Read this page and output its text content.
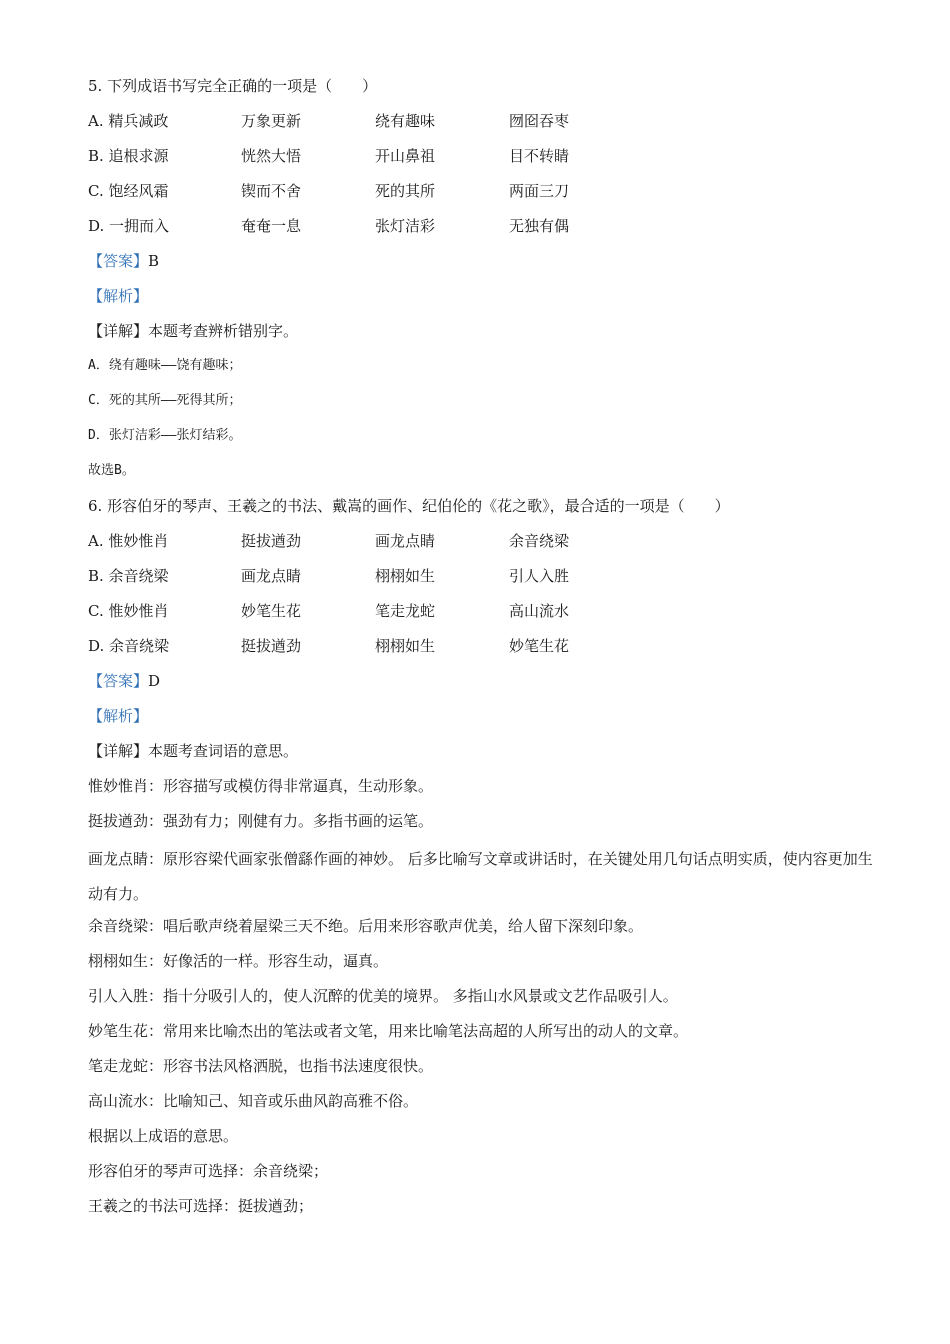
5. 下列成语书写完全正确的一项是（　　）
A. 精兵减政	万象更新	绕有趣味	囫囵吞枣
B. 追根求源	恍然大悟	开山鼻祖	目不转睛
C. 饱经风霜	锲而不舍	死的其所	两面三刀
D. 一拥而入	奄奄一息	张灯洁彩	无独有偶
【答案】B
【解析】
【详解】本题考查辨析错别字。
A．绕有趣味——饶有趣味；
C．死的其所——死得其所；
D．张灯洁彩——张灯结彩。
故选B。
6. 形容伯牙的琴声、王羲之的书法、戴嵩的画作、纪伯伦的《花之歌》，最合适的一项是（　　）
A. 惟妙惟肖	挺拔遒劲	画龙点睛	余音绕梁
B. 余音绕梁	画龙点睛	栩栩如生	引人入胜
C. 惟妙惟肖	妙笔生花	笔走龙蛇	高山流水
D. 余音绕梁	挺拔遒劲	栩栩如生	妙笔生花
【答案】D
【解析】
【详解】本题考查词语的意思。
惟妙惟肖：形容描写或模仿得非常逼真，生动形象。
挺拔遒劲：强劲有力；刚健有力。多指书画的运笔。
画龙点睛：原形容梁代画家张僧繇作画的神妙。 后多比喻写文章或讲话时，在关键处用几句话点明实质，使内容更加生动有力。
余音绕梁：唱后歌声绕着屋梁三天不绝。后用来形容歌声优美，给人留下深刻印象。
栩栩如生：好像活的一样。形容生动，逼真。
引人入胜：指十分吸引人的，使人沉醉的优美的境界。 多指山水风景或文艺作品吸引人。
妙笔生花：常用来比喻杰出的笔法或者文笔，用来比喻笔法高超的人所写出的动人的文章。
笔走龙蛇：形容书法风格洒脱，也指书法速度很快。
高山流水：比喻知己、知音或乐曲风韵高雅不俗。
根据以上成语的意思。
形容伯牙的琴声可选择：余音绕梁；
王羲之的书法可选择：挺拔遒劲；
